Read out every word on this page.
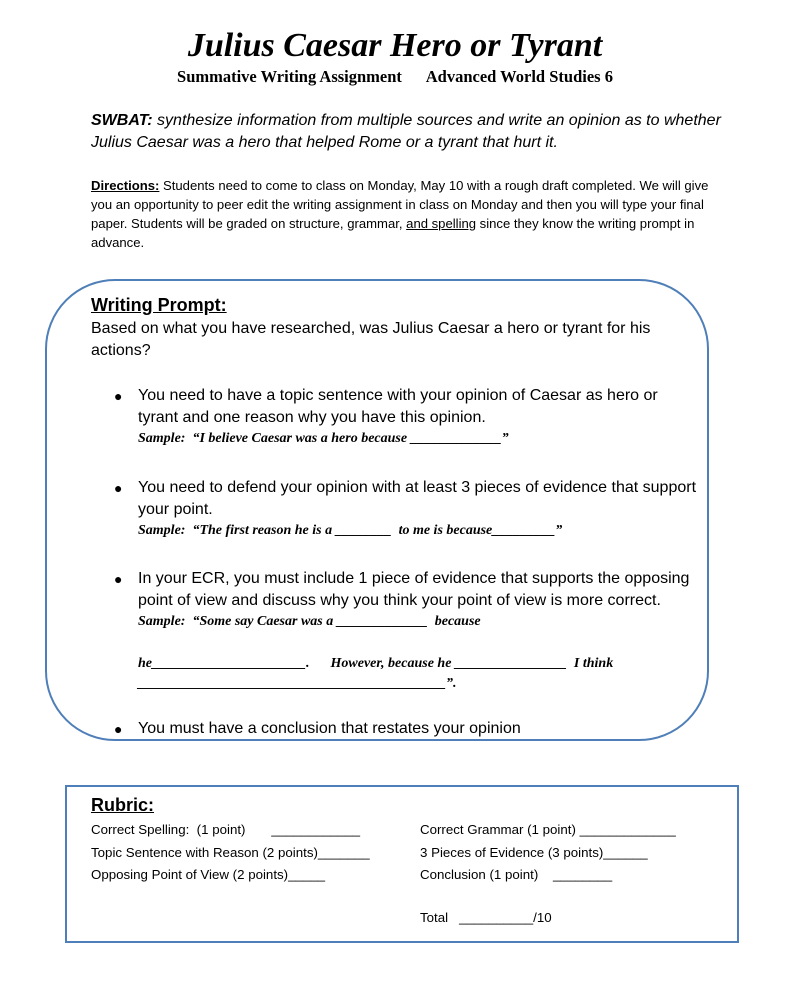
Julius Caesar Hero or Tyrant
Summative Writing Assignment      Advanced World Studies 6
SWBAT: synthesize information from multiple sources and write an opinion as to whether Julius Caesar was a hero that helped Rome or a tyrant that hurt it.
Directions: Students need to come to class on Monday, May 10 with a rough draft completed. We will give you an opportunity to peer edit the writing assignment in class on Monday and then you will type your final paper. Students will be graded on structure, grammar, and spelling since they know the writing prompt in advance.
Writing Prompt:
Based on what you have researched, was Julius Caesar a hero or tyrant for his actions?
● You need to have a topic sentence with your opinion of Caesar as hero or tyrant and one reason why you have this opinion.
Sample:  “I believe Caesar was a hero because _____________”
● You need to defend your opinion with at least 3 pieces of evidence that support your point.
Sample:  “The first reason he is a ________  to me is because_________”
● In your ECR, you must include 1 piece of evidence that supports the opposing point of view and discuss why you think your point of view is more correct.
Sample:  “Some say Caesar was a _____________  because
he______________________.      However, because he ________________  I think
____________________________________________”.
● You must have a conclusion that restates your opinion
Rubric:
Correct Spelling:  (1 point)       ____________
Topic Sentence with Reason (2 points)_______
Opposing Point of View (2 points)_____
Correct Grammar (1 point) _____________
3 Pieces of Evidence (3 points)______
Conclusion (1 point)    ________
Total   __________/10
